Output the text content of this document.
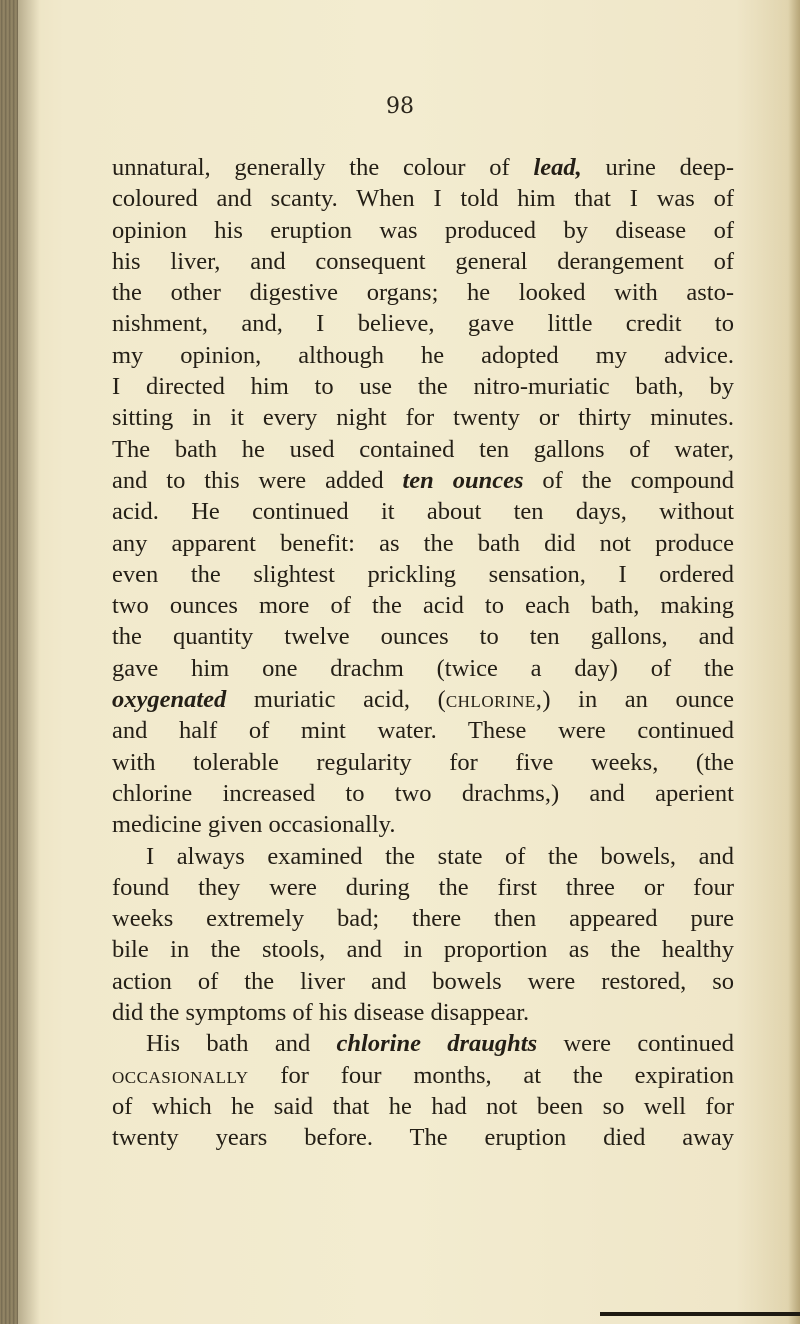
98

unnatural, generally the colour of lead, urine deep-

coloured and scanty. When I told him that I was of

opinion his eruption was produced by disease of

his liver, and consequent general derangement of

the other digestive organs; he looked with asto-

nishment, and, I believe, gave little credit to

my opinion, although he adopted my advice.

I directed him to use the nitro-muriatic bath, by

sitting in it every night for twenty or thirty minutes.

The bath he used contained ten gallons of water,

and to this were added ten ounces of the compound

acid. He continued it about ten days, without

any apparent benefit: as the bath did not produce

even the slightest prickling sensation, I ordered

two ounces more of the acid to each bath, making

the quantity twelve ounces to ten gallons, and

gave him one drachm (twice a day) of the

oxygenated muriatic acid, (chlorine,) in an ounce

and half of mint water. These were continued

with tolerable regularity for five weeks, (the

chlorine increased to two drachms,) and aperient

medicine given occasionally.

I always examined the state of the bowels, and

found they were during the first three or four

weeks extremely bad; there then appeared pure

bile in the stools, and in proportion as the healthy

action of the liver and bowels were restored, so

did the symptoms of his disease disappear.

His bath and chlorine draughts were continued

occasionally for four months, at the expiration

of which he said that he had not been so well for

twenty years before. The eruption died away
